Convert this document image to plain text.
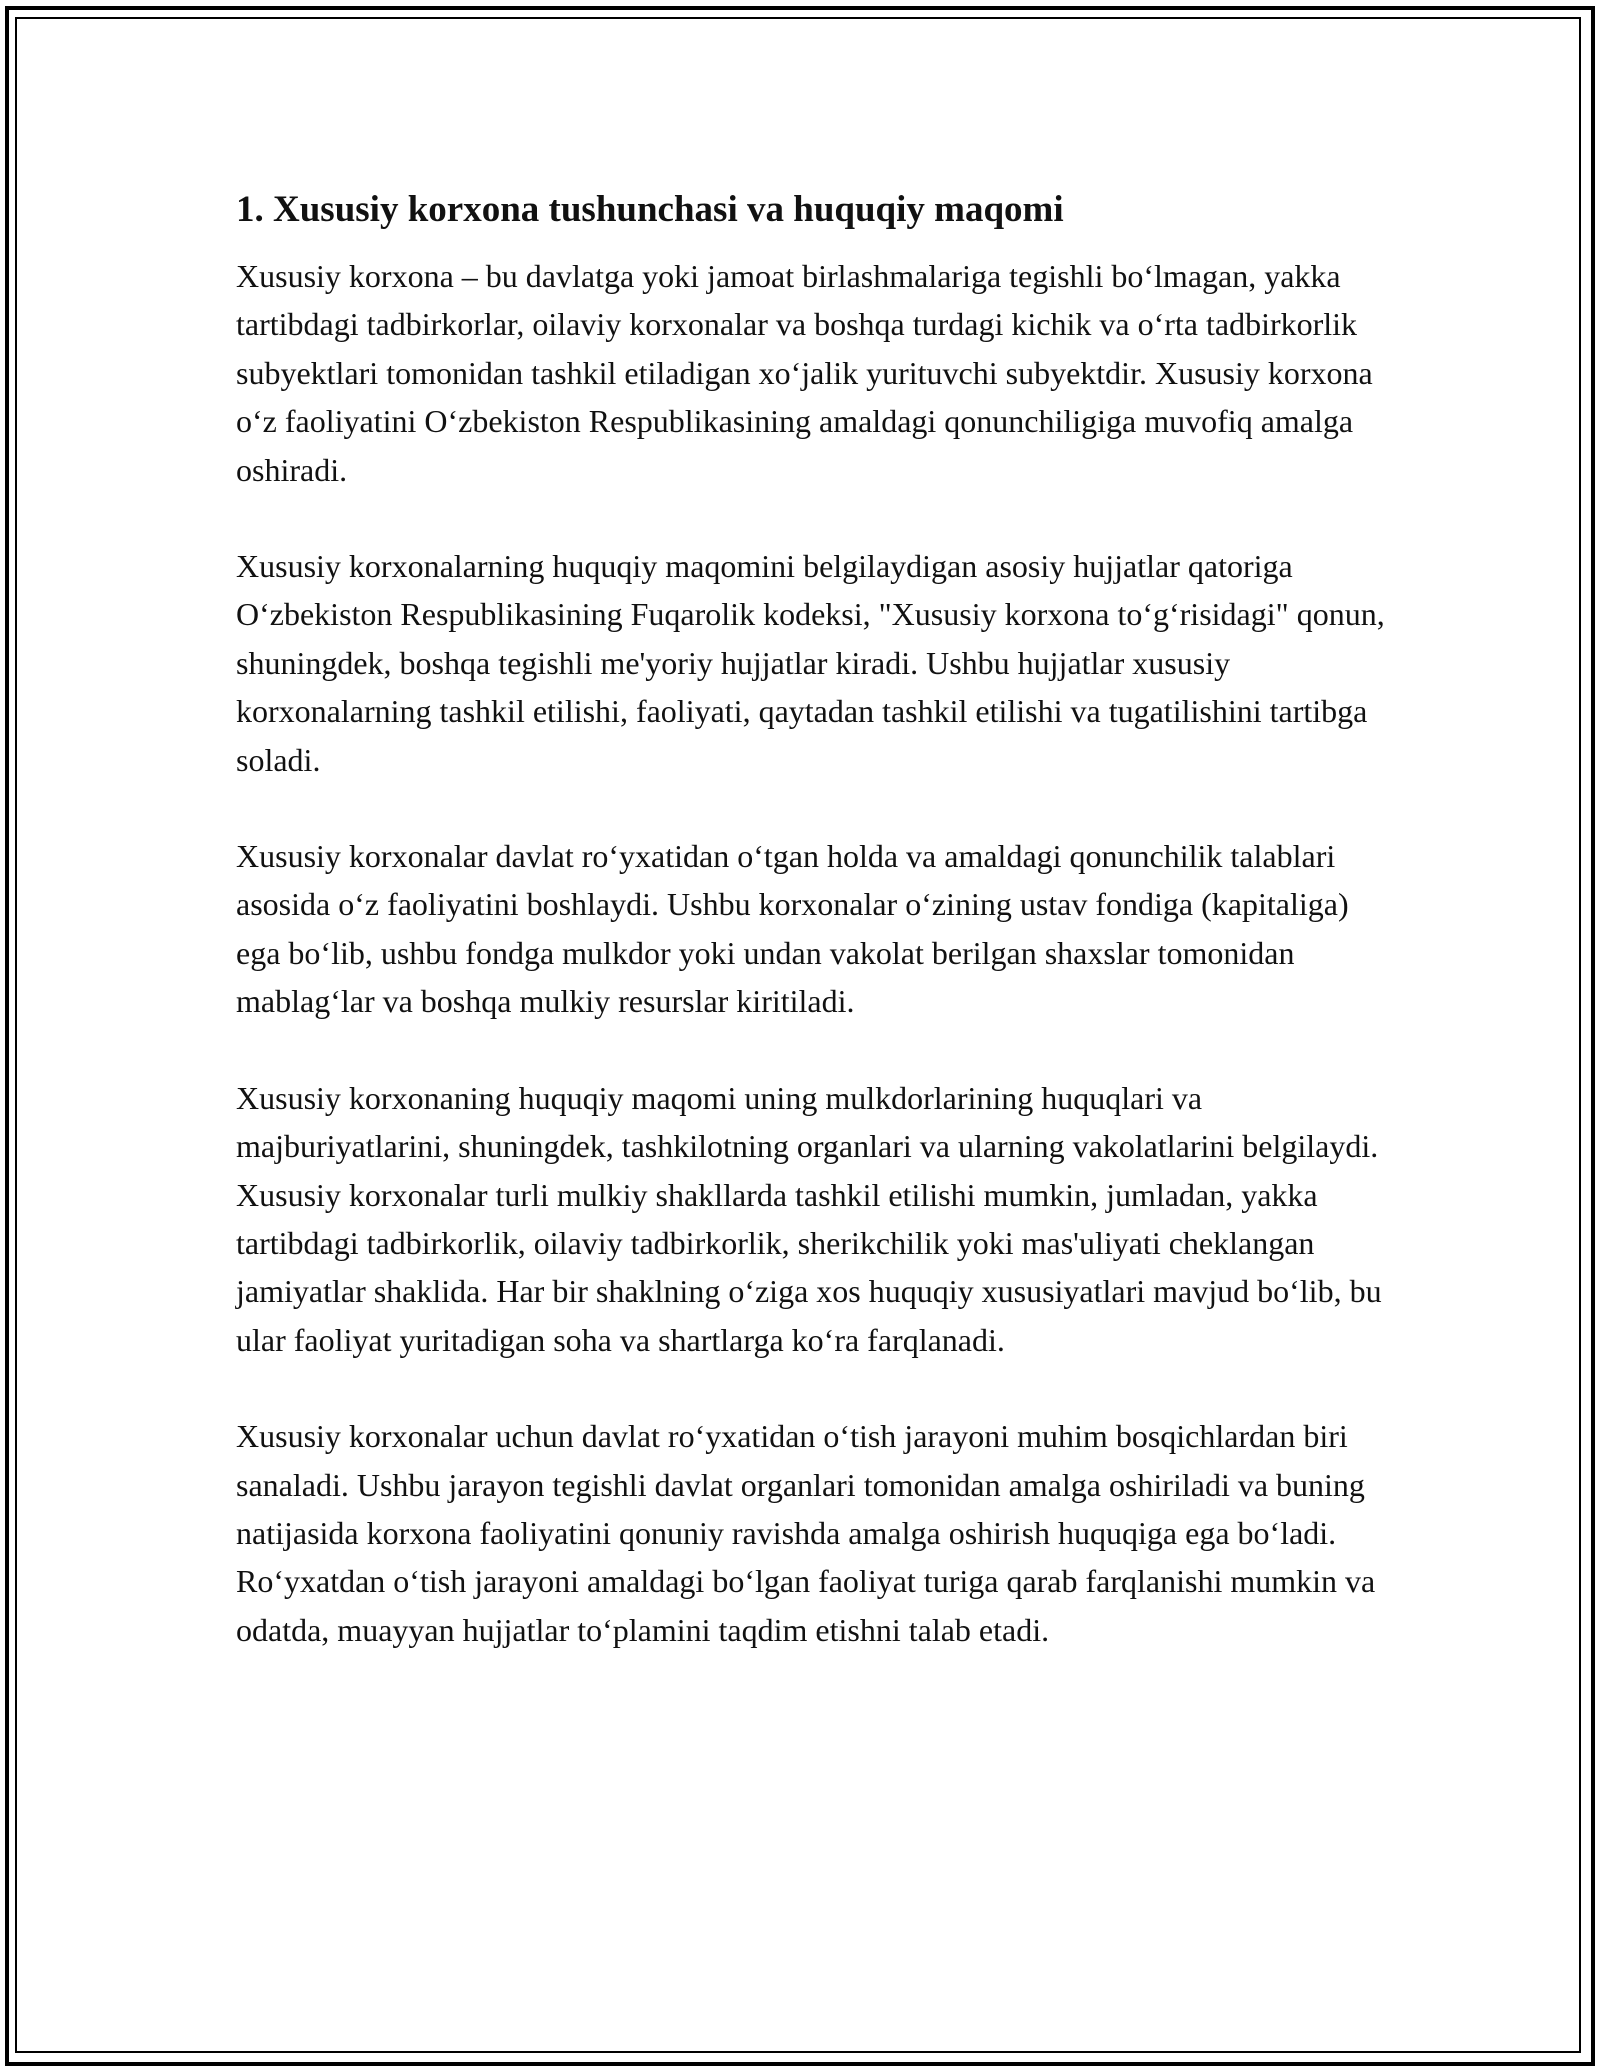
1. Xususiy korxona tushunchasi va huquqiy maqomi

Xususiy korxona – bu davlatga yoki jamoat birlashmalariga tegishli bo‘lmagan, yakka tartibdagi tadbirkorlar, oilaviy korxonalar va boshqa turdagi kichik va o‘rta tadbirkorlik subyektlari tomonidan tashkil etiladigan xo‘jalik yurituvchi subyektdir. Xususiy korxona o‘z faoliyatini O‘zbekiston Respublikasining amaldagi qonunchiligiga muvofiq amalga oshiradi.

Xususiy korxonalarning huquqiy maqomini belgilaydigan asosiy hujjatlar qatoriga O‘zbekiston Respublikasining Fuqarolik kodeksi, "Xususiy korxona to‘g‘risidagi" qonun, shuningdek, boshqa tegishli me'yoriy hujjatlar kiradi. Ushbu hujjatlar xususiy korxonalarning tashkil etilishi, faoliyati, qaytadan tashkil etilishi va tugatilishini tartibga soladi.

Xususiy korxonalar davlat ro‘yxatidan o‘tgan holda va amaldagi qonunchilik talablari asosida o‘z faoliyatini boshlaydi. Ushbu korxonalar o‘zining ustav fondiga (kapitaliga) ega bo‘lib, ushbu fondga mulkdor yoki undan vakolat berilgan shaxslar tomonidan mablag‘lar va boshqa mulkiy resurslar kiritiladi.

Xususiy korxonaning huquqiy maqomi uning mulkdorlarining huquqlari va majburiyatlarini, shuningdek, tashkilotning organlari va ularning vakolatlarini belgilaydi. Xususiy korxonalar turli mulkiy shakllarda tashkil etilishi mumkin, jumladan, yakka tartibdagi tadbirkorlik, oilaviy tadbirkorlik, sherikchilik yoki mas'uliyati cheklangan jamiyatlar shaklida. Har bir shaklning o‘ziga xos huquqiy xususiyatlari mavjud bo‘lib, bu ular faoliyat yuritadigan soha va shartlarga ko‘ra farqlanadi.

Xususiy korxonalar uchun davlat ro‘yxatidan o‘tish jarayoni muhim bosqichlardan biri sanaladi. Ushbu jarayon tegishli davlat organlari tomonidan amalga oshiriladi va buning natijasida korxona faoliyatini qonuniy ravishda amalga oshirish huquqiga ega bo‘ladi. Ro‘yxatdan o‘tish jarayoni amaldagi bo‘lgan faoliyat turiga qarab farqlanishi mumkin va odatda, muayyan hujjatlar to‘plamini taqdim etishni talab etadi.
